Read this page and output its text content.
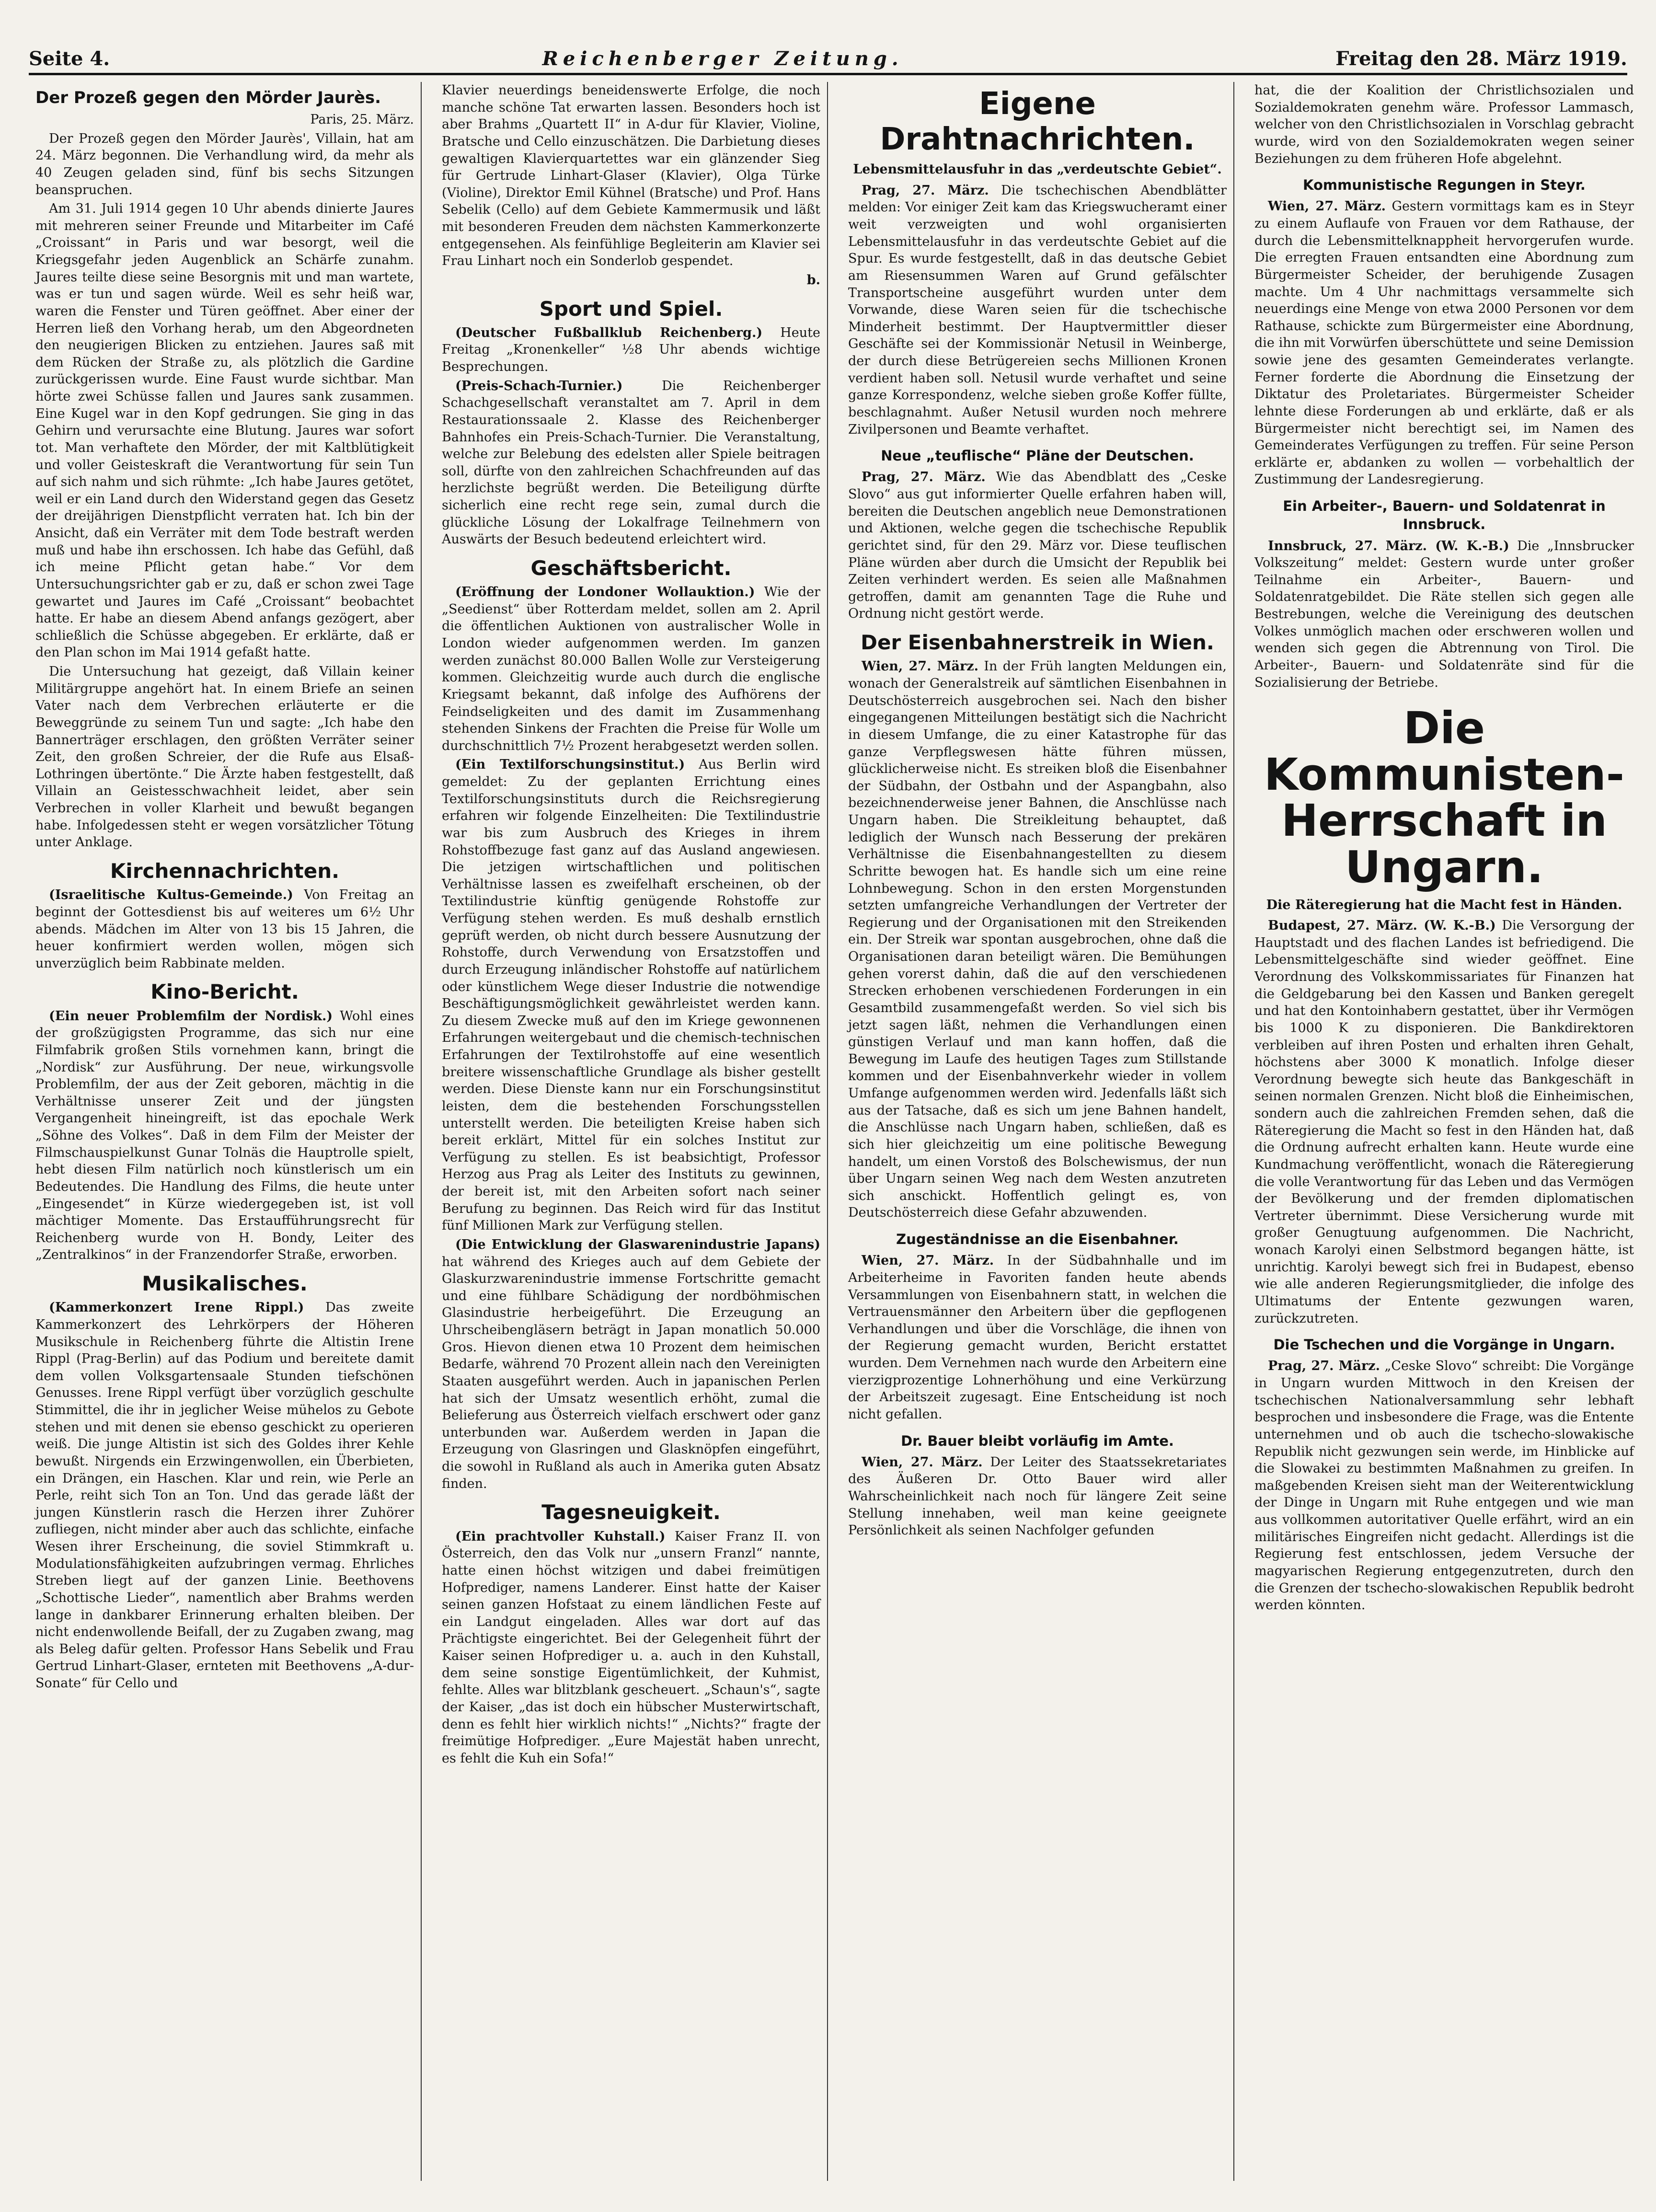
Seite 4.	Reichenberger Zeitung.	Freitag den 28. März 1919.
Der Prozeß gegen den Mörder Jaurès.
Paris, 25. März.

Der Prozeß gegen den Mörder Jaurès', Villain, hat am 24. März begonnen. Die Verhandlung wird, da mehr als 40 Zeugen geladen sind, fünf bis sechs Sitzungen beanspruchen.

Am 31. Juli 1914 gegen 10 Uhr abends dinierte Jaures mit mehreren seiner Freunde und Mitarbeiter im Café „Croissant“ in Paris und war besorgt, weil die Kriegsgefahr jeden Augenblick an Schärfe zunahm. Jaures teilte diese seine Besorgnis mit und man wartete, was er tun und sagen würde. Weil es sehr heiß war, waren die Fenster und Türen geöffnet. Aber einer der Herren ließ den Vorhang herab, um den Abgeordneten den neugierigen Blicken zu entziehen. Jaures saß mit dem Rücken der Straße zu, als plötzlich die Gardine zurückgerissen wurde. Eine Faust wurde sichtbar. Man hörte zwei Schüsse fallen und Jaures sank zusammen. Eine Kugel war in den Kopf gedrungen. Sie ging in das Gehirn und verursachte eine Blutung. Jaures war sofort tot. Man verhaftete den Mörder, der mit Kaltblütigkeit und voller Geisteskraft die Verantwortung für sein Tun auf sich nahm und sich rühmte: „Ich habe Jaures getötet, weil er ein Land durch den Widerstand gegen das Gesetz der dreijährigen Dienstpflicht verraten hat. Ich bin der Ansicht, daß ein Verräter mit dem Tode bestraft werden muß und habe ihn erschossen. Ich habe das Gefühl, daß ich meine Pflicht getan habe.“ Vor dem Untersuchungsrichter gab er zu, daß er schon zwei Tage gewartet und Jaures im Café „Croissant“ beobachtet hatte. Er habe an diesem Abend anfangs gezögert, aber schließlich die Schüsse abgegeben. Er erklärte, daß er den Plan schon im Mai 1914 gefaßt hatte.

Die Untersuchung hat gezeigt, daß Villain keiner Militärgruppe angehört hat. In einem Briefe an seinen Vater nach dem Verbrechen erläuterte er die Beweggründe zu seinem Tun und sagte: „Ich habe den Bannerträger erschlagen, den größten Verräter seiner Zeit, den großen Schreier, der die Rufe aus Elsaß-Lothringen übertönte.“ Die Ärzte haben festgestellt, daß Villain an Geistesschwachheit leidet, aber sein Verbrechen in voller Klarheit und bewußt begangen habe. Infolgedessen steht er wegen vorsätzlicher Tötung unter Anklage.

Kirchennachrichten.

(Israelitische Kultus-Gemeinde.) Von Freitag an beginnt der Gottesdienst bis auf weiteres um 6½ Uhr abends. Mädchen im Alter von 13 bis 15 Jahren, die heuer konfirmiert werden wollen, mögen sich unverzüglich beim Rabbinate melden.

Kino-Bericht.

(Ein neuer Problemfilm der Nordisk.) Wohl eines der großzügigsten Programme, das sich nur eine Filmfabrik großen Stils vornehmen kann, bringt die „Nordisk“ zur Ausführung. Der neue, wirkungsvolle Problemfilm, der aus der Zeit geboren, mächtig in die Verhältnisse unserer Zeit und der jüngsten Vergangenheit hineingreift, ist das epochale Werk „Söhne des Volkes“. Daß in dem Film der Meister der Filmschauspielkunst Gunar Tolnäs die Hauptrolle spielt, hebt diesen Film natürlich noch künstlerisch um ein Bedeutendes. Die Handlung des Films, die heute unter „Eingesendet“ in Kürze wiedergegeben ist, ist voll mächtiger Momente. Das Erstaufführungsrecht für Reichenberg wurde von H. Bondy, Leiter des „Zentralkinos“ in der Franzendorfer Straße, erworben.

Musikalisches.

(Kammerkonzert Irene Rippl.) Das zweite Kammerkonzert des Lehrkörpers der Höheren Musikschule in Reichenberg führte die Altistin Irene Rippl (Prag-Berlin) auf das Podium und bereitete damit dem vollen Volksgartensaale Stunden tiefschönen Genusses. Irene Rippl verfügt über vorzüglich geschulte Stimmittel, die ihr in jeglicher Weise mühelos zu Gebote stehen und mit denen sie ebenso geschickt zu operieren weiß. Die junge Altistin ist sich des Goldes ihrer Kehle bewußt. Nirgends ein Erzwingenwollen, ein Überbieten, ein Drängen, ein Haschen. Klar und rein, wie Perle an Perle, reiht sich Ton an Ton. Und das gerade läßt der jungen Künstlerin rasch die Herzen ihrer Zuhörer zufliegen, nicht minder aber auch das schlichte, einfache Wesen ihrer Erscheinung, die soviel Stimmkraft u. Modulationsfähigkeiten aufzubringen vermag. Ehrliches Streben liegt auf der ganzen Linie. Beethovens „Schottische Lieder“, namentlich aber Brahms werden lange in dankbarer Erinnerung erhalten bleiben. Der nicht endenwollende Beifall, der zu Zugaben zwang, mag als Beleg dafür gelten. Professor Hans Sebelik und Frau Gertrud Linhart-Glaser, ernteten mit Beethovens „A-dur-Sonate“ für Cello und

Klavier neuerdings beneidenswerte Erfolge, die noch manche schöne Tat erwarten lassen. Besonders hoch ist aber Brahms „Quartett II“ in A-dur für Klavier, Violine, Bratsche und Cello einzuschätzen. Die Darbietung dieses gewaltigen Klavierquartettes war ein glänzender Sieg für Gertrude Linhart-Glaser (Klavier), Olga Türke (Violine), Direktor Emil Kühnel (Bratsche) und Prof. Hans Sebelik (Cello) auf dem Gebiete Kammermusik und läßt mit besonderen Freuden dem nächsten Kammerkonzerte entgegensehen. Als feinfühlige Begleiterin am Klavier sei Frau Linhart noch ein Sonderlob gespendet.

b.
Sport und Spiel.

(Deutscher Fußballklub Reichenberg.) Heute Freitag „Kronenkeller“ ½8 Uhr abends wichtige Besprechungen.

(Preis-Schach-Turnier.) Die Reichenberger Schachgesellschaft veranstaltet am 7. April in dem Restaurationssaale 2. Klasse des Reichenberger Bahnhofes ein Preis-Schach-Turnier. Die Veranstaltung, welche zur Belebung des edelsten aller Spiele beitragen soll, dürfte von den zahlreichen Schachfreunden auf das herzlichste begrüßt werden. Die Beteiligung dürfte sicherlich eine recht rege sein, zumal durch die glückliche Lösung der Lokalfrage Teilnehmern von Auswärts der Besuch bedeutend erleichtert wird.

Geschäftsbericht.

(Eröffnung der Londoner Wollauktion.) Wie der „Seedienst“ über Rotterdam meldet, sollen am 2. April die öffentlichen Auktionen von australischer Wolle in London wieder aufgenommen werden. Im ganzen werden zunächst 80.000 Ballen Wolle zur Versteigerung kommen. Gleichzeitig wurde auch durch die englische Kriegsamt bekannt, daß infolge des Aufhörens der Feindseligkeiten und des damit im Zusammenhang stehenden Sinkens der Frachten die Preise für Wolle um durchschnittlich 7½ Prozent herabgesetzt werden sollen.

(Ein Textilforschungsinstitut.) Aus Berlin wird gemeldet: Zu der geplanten Errichtung eines Textilforschungsinstituts durch die Reichsregierung erfahren wir folgende Einzelheiten: Die Textilindustrie war bis zum Ausbruch des Krieges in ihrem Rohstoffbezuge fast ganz auf das Ausland angewiesen. Die jetzigen wirtschaftlichen und politischen Verhältnisse lassen es zweifelhaft erscheinen, ob der Textilindustrie künftig genügende Rohstoffe zur Verfügung stehen werden. Es muß deshalb ernstlich geprüft werden, ob nicht durch bessere Ausnutzung der Rohstoffe, durch Verwendung von Ersatzstoffen und durch Erzeugung inländischer Rohstoffe auf natürlichem oder künstlichem Wege dieser Industrie die notwendige Beschäftigungsmöglichkeit gewährleistet werden kann. Zu diesem Zwecke muß auf den im Kriege gewonnenen Erfahrungen weitergebaut und die chemisch-technischen Erfahrungen der Textilrohstoffe auf eine wesentlich breitere wissenschaftliche Grundlage als bisher gestellt werden. Diese Dienste kann nur ein Forschungsinstitut leisten, dem die bestehenden Forschungsstellen unterstellt werden. Die beteiligten Kreise haben sich bereit erklärt, Mittel für ein solches Institut zur Verfügung zu stellen. Es ist beabsichtigt, Professor Herzog aus Prag als Leiter des Instituts zu gewinnen, der bereit ist, mit den Arbeiten sofort nach seiner Berufung zu beginnen. Das Reich wird für das Institut fünf Millionen Mark zur Verfügung stellen.

(Die Entwicklung der Glaswarenindustrie Japans) hat während des Krieges auch auf dem Gebiete der Glaskurzwarenindustrie immense Fortschritte gemacht und eine fühlbare Schädigung der nordböhmischen Glasindustrie herbeigeführt. Die Erzeugung an Uhrscheibengläsern beträgt in Japan monatlich 50.000 Gros. Hievon dienen etwa 10 Prozent dem heimischen Bedarfe, während 70 Prozent allein nach den Vereinigten Staaten ausgeführt werden. Auch in japanischen Perlen hat sich der Umsatz wesentlich erhöht, zumal die Belieferung aus Österreich vielfach erschwert oder ganz unterbunden war. Außerdem werden in Japan die Erzeugung von Glasringen und Glasknöpfen eingeführt, die sowohl in Rußland als auch in Amerika guten Absatz finden.

Tagesneuigkeit.

(Ein prachtvoller Kuhstall.) Kaiser Franz II. von Österreich, den das Volk nur „unsern Franzl“ nannte, hatte einen höchst witzigen und dabei freimütigen Hofprediger, namens Landerer. Einst hatte der Kaiser seinen ganzen Hofstaat zu einem ländlichen Feste auf ein Landgut eingeladen. Alles war dort auf das Prächtigste eingerichtet. Bei der Gelegenheit führt der Kaiser seinen Hofprediger u. a. auch in den Kuhstall, dem seine sonstige Eigentümlichkeit, der Kuhmist, fehlte. Alles war blitzblank gescheuert. „Schaun's“, sagte der Kaiser, „das ist doch ein hübscher Musterwirtschaft, denn es fehlt hier wirklich nichts!“ „Nichts?“ fragte der freimütige Hofprediger. „Eure Majestät haben unrecht, es fehlt die Kuh ein Sofa!“

Eigene Drahtnachrichten.
Lebensmittelausfuhr in das „verdeutschte Gebiet“.

Prag, 27. März. Die tschechischen Abendblätter melden: Vor einiger Zeit kam das Kriegswucheramt einer weit verzweigten und wohl organisierten Lebensmittelausfuhr in das verdeutschte Gebiet auf die Spur. Es wurde festgestellt, daß in das deutsche Gebiet am Riesensummen Waren auf Grund gefälschter Transportscheine ausgeführt wurden unter dem Vorwande, diese Waren seien für die tschechische Minderheit bestimmt. Der Hauptvermittler dieser Geschäfte sei der Kommissionär Netusil in Weinberge, der durch diese Betrügereien sechs Millionen Kronen verdient haben soll. Netusil wurde verhaftet und seine ganze Korrespondenz, welche sieben große Koffer füllte, beschlagnahmt. Außer Netusil wurden noch mehrere Zivilpersonen und Beamte verhaftet.

Neue „teuflische“ Pläne der Deutschen.

Prag, 27. März. Wie das Abendblatt des „Ceske Slovo“ aus gut informierter Quelle erfahren haben will, bereiten die Deutschen angeblich neue Demonstrationen und Aktionen, welche gegen die tschechische Republik gerichtet sind, für den 29. März vor. Diese teuflischen Pläne würden aber durch die Umsicht der Republik bei Zeiten verhindert werden. Es seien alle Maßnahmen getroffen, damit am genannten Tage die Ruhe und Ordnung nicht gestört werde.

Der Eisenbahnerstreik in Wien.

Wien, 27. März. In der Früh langten Meldungen ein, wonach der Generalstreik auf sämtlichen Eisenbahnen in Deutschösterreich ausgebrochen sei. Nach den bisher eingegangenen Mitteilungen bestätigt sich die Nachricht in diesem Umfange, die zu einer Katastrophe für das ganze Verpflegswesen hätte führen müssen, glücklicherweise nicht. Es streiken bloß die Eisenbahner der Südbahn, der Ostbahn und der Aspangbahn, also bezeichnenderweise jener Bahnen, die Anschlüsse nach Ungarn haben. Die Streikleitung behauptet, daß lediglich der Wunsch nach Besserung der prekären Verhältnisse die Eisenbahnangestellten zu diesem Schritte bewogen hat. Es handle sich um eine reine Lohnbewegung. Schon in den ersten Morgenstunden setzten umfangreiche Verhandlungen der Vertreter der Regierung und der Organisationen mit den Streikenden ein. Der Streik war spontan ausgebrochen, ohne daß die Organisationen daran beteiligt wären. Die Bemühungen gehen vorerst dahin, daß die auf den verschiedenen Strecken erhobenen verschiedenen Forderungen in ein Gesamtbild zusammengefaßt werden. So viel sich bis jetzt sagen läßt, nehmen die Verhandlungen einen günstigen Verlauf und man kann hoffen, daß die Bewegung im Laufe des heutigen Tages zum Stillstande kommen und der Eisenbahnverkehr wieder in vollem Umfange aufgenommen werden wird. Jedenfalls läßt sich aus der Tatsache, daß es sich um jene Bahnen handelt, die Anschlüsse nach Ungarn haben, schließen, daß es sich hier gleichzeitig um eine politische Bewegung handelt, um einen Vorstoß des Bolschewismus, der nun über Ungarn seinen Weg nach dem Westen anzutreten sich anschickt. Hoffentlich gelingt es, von Deutschösterreich diese Gefahr abzuwenden.

Zugeständnisse an die Eisenbahner.

Wien, 27. März. In der Südbahnhalle und im Arbeiterheime in Favoriten fanden heute abends Versammlungen von Eisenbahnern statt, in welchen die Vertrauensmänner den Arbeitern über die gepflogenen Verhandlungen und über die Vorschläge, die ihnen von der Regierung gemacht wurden, Bericht erstattet wurden. Dem Vernehmen nach wurde den Arbeitern eine vierzigprozentige Lohnerhöhung und eine Verkürzung der Arbeitszeit zugesagt. Eine Entscheidung ist noch nicht gefallen.

Dr. Bauer bleibt vorläufig im Amte.

Wien, 27. März. Der Leiter des Staatssekretariates des Äußeren Dr. Otto Bauer wird aller Wahrscheinlichkeit nach noch für längere Zeit seine Stellung innehaben, weil man keine geeignete Persönlichkeit als seinen Nachfolger gefunden

hat, die der Koalition der Christlichsozialen und Sozialdemokraten genehm wäre. Professor Lammasch, welcher von den Christlichsozialen in Vorschlag gebracht wurde, wird von den Sozialdemokraten wegen seiner Beziehungen zu dem früheren Hofe abgelehnt.

Kommunistische Regungen in Steyr.

Wien, 27. März. Gestern vormittags kam es in Steyr zu einem Auflaufe von Frauen vor dem Rathause, der durch die Lebensmittelknappheit hervorgerufen wurde. Die erregten Frauen entsandten eine Abordnung zum Bürgermeister Scheider, der beruhigende Zusagen machte. Um 4 Uhr nachmittags versammelte sich neuerdings eine Menge von etwa 2000 Personen vor dem Rathause, schickte zum Bürgermeister eine Abordnung, die ihn mit Vorwürfen überschüttete und seine Demission sowie jene des gesamten Gemeinderates verlangte. Ferner forderte die Abordnung die Einsetzung der Diktatur des Proletariates. Bürgermeister Scheider lehnte diese Forderungen ab und erklärte, daß er als Bürgermeister nicht berechtigt sei, im Namen des Gemeinderates Verfügungen zu treffen. Für seine Person erklärte er, abdanken zu wollen — vorbehaltlich der Zustimmung der Landesregierung.

Ein Arbeiter-, Bauern- und Soldatenrat in Innsbruck.

Innsbruck, 27. März. (W. K.-B.) Die „Innsbrucker Volkszeitung“ meldet: Gestern wurde unter großer Teilnahme ein Arbeiter-, Bauern- und Soldatenratgebildet. Die Räte stellen sich gegen alle Bestrebungen, welche die Vereinigung des deutschen Volkes unmöglich machen oder erschweren wollen und wenden sich gegen die Abtrennung von Tirol. Die Arbeiter-, Bauern- und Soldatenräte sind für die Sozialisierung der Betriebe.

Die Kommunisten-Herrschaft in Ungarn.
Die Räteregierung hat die Macht fest in Händen.

Budapest, 27. März. (W. K.-B.) Die Versorgung der Hauptstadt und des flachen Landes ist befriedigend. Die Lebensmittelgeschäfte sind wieder geöffnet. Eine Verordnung des Volkskommissariates für Finanzen hat die Geldgebarung bei den Kassen und Banken geregelt und hat den Kontoinhabern gestattet, über ihr Vermögen bis 1000 K zu disponieren. Die Bankdirektoren verbleiben auf ihren Posten und erhalten ihren Gehalt, höchstens aber 3000 K monatlich. Infolge dieser Verordnung bewegte sich heute das Bankgeschäft in seinen normalen Grenzen. Nicht bloß die Einheimischen, sondern auch die zahlreichen Fremden sehen, daß die Räteregierung die Macht so fest in den Händen hat, daß die Ordnung aufrecht erhalten kann. Heute wurde eine Kundmachung veröffentlicht, wonach die Räteregierung die volle Verantwortung für das Leben und das Vermögen der Bevölkerung und der fremden diplomatischen Vertreter übernimmt. Diese Versicherung wurde mit großer Genugtuung aufgenommen. Die Nachricht, wonach Karolyi einen Selbstmord begangen hätte, ist unrichtig. Karolyi bewegt sich frei in Budapest, ebenso wie alle anderen Regierungsmitglieder, die infolge des Ultimatums der Entente gezwungen waren, zurückzutreten.

Die Tschechen und die Vorgänge in Ungarn.

Prag, 27. März. „Ceske Slovo“ schreibt: Die Vorgänge in Ungarn wurden Mittwoch in den Kreisen der tschechischen Nationalversammlung sehr lebhaft besprochen und insbesondere die Frage, was die Entente unternehmen und ob auch die tschecho-slowakische Republik nicht gezwungen sein werde, im Hinblicke auf die Slowakei zu bestimmten Maßnahmen zu greifen. In maßgebenden Kreisen sieht man der Weiterentwicklung der Dinge in Ungarn mit Ruhe entgegen und wie man aus vollkommen autoritativer Quelle erfährt, wird an ein militärisches Eingreifen nicht gedacht. Allerdings ist die Regierung fest entschlossen, jedem Versuche der magyarischen Regierung entgegenzutreten, durch den die Grenzen der tschecho-slowakischen Republik bedroht werden könnten.
